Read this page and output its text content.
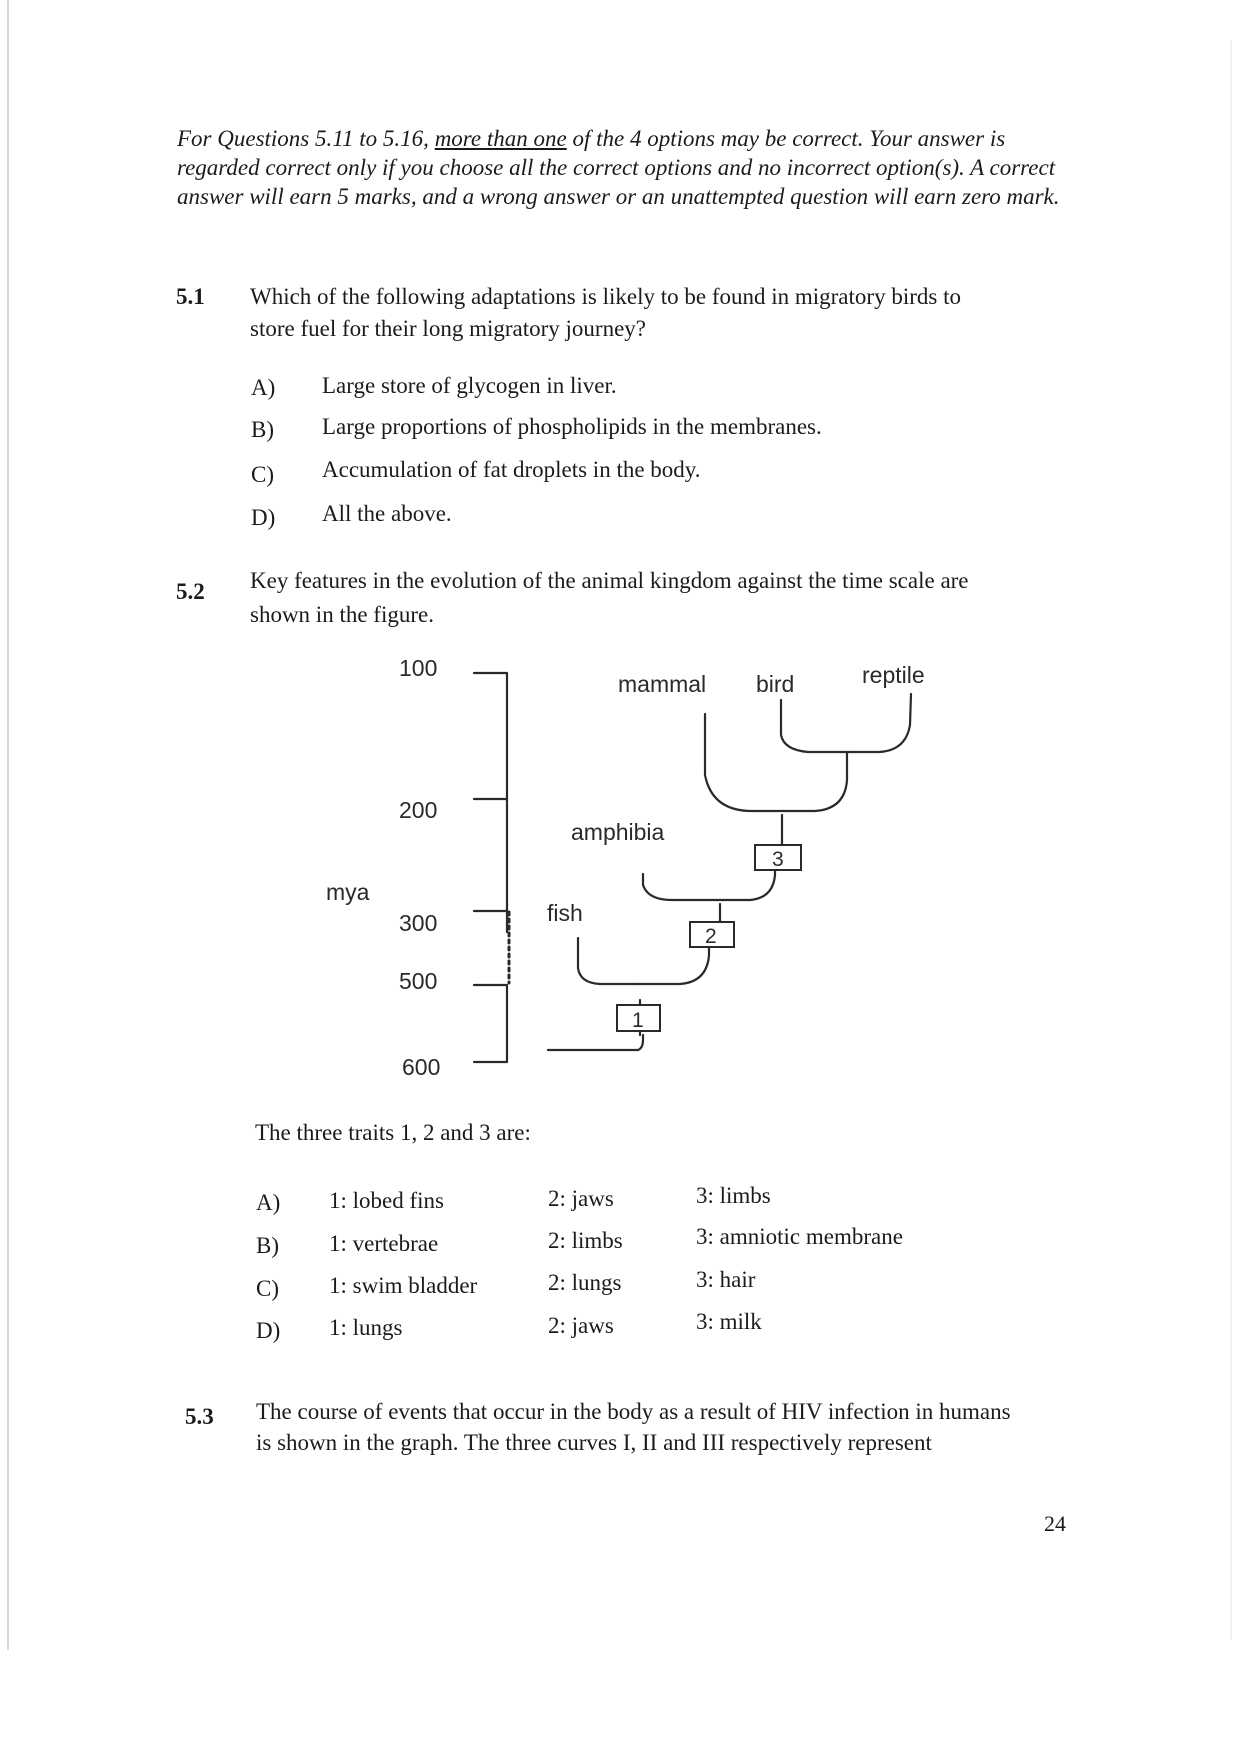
For Questions 5.11 to 5.16, more than one of the 4 options may be correct. Your answer is regarded correct only if you choose all the correct options and no incorrect option(s). A correct answer will earn 5 marks, and a wrong answer or an unattempted question will earn zero mark.
5.1 Which of the following adaptations is likely to be found in migratory birds to
store fuel for their long migratory journey?
A) Large store of glycogen in liver.
B) Large proportions of phospholipids in the membranes.
C) Accumulation of fat droplets in the body.
D) All the above.
5.2 Key features in the evolution of the animal kingdom against the time scale are
shown in the figure.
100
200
300
500
600
mya
mammal bird	reptile
amphibia
fish
1
2
3
The three traits 1, 2 and 3 are:
A) 1: lobed fins	2: jaws	3: limbs
B) 1: vertebrae	2: limbs	3: amniotic membrane
C) 1: swim bladder	2: lungs	3: hair
D) 1: lungs	2: jaws	3: milk
5.3 The course of events that occur in the body as a result of HIV infection in humans
is shown in the graph. The three curves I, II and III respectively represent
24
